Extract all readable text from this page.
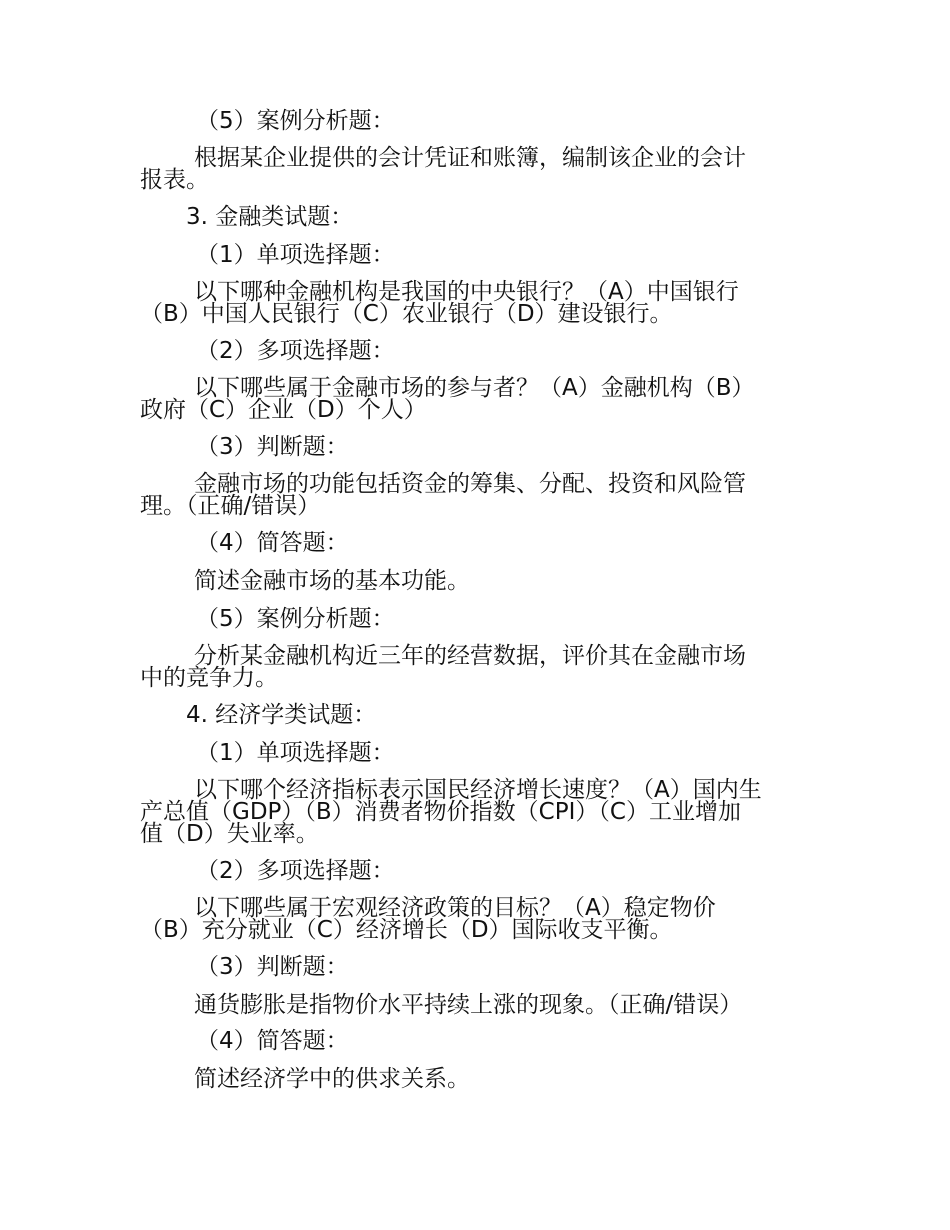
（5）案例分析题：
根据某企业提供的会计凭证和账簿，编制该企业的会计
报表。
3. 金融类试题：
（1）单项选择题：
以下哪种金融机构是我国的中央银行？（A）中国银行
（B）中国人民银行（C）农业银行（D）建设银行。
（2）多项选择题：
以下哪些属于金融市场的参与者？（A）金融机构（B）
政府（C）企业（D）个人）
（3）判断题：
金融市场的功能包括资金的筹集、分配、投资和风险管
理。（正确/错误）
（4）简答题：
简述金融市场的基本功能。
（5）案例分析题：
分析某金融机构近三年的经营数据，评价其在金融市场
中的竞争力。
4. 经济学类试题：
（1）单项选择题：
以下哪个经济指标表示国民经济增长速度？（A）国内生
产总值（GDP）（B）消费者物价指数（CPI）（C）工业增加
值（D）失业率。
（2）多项选择题：
以下哪些属于宏观经济政策的目标？（A）稳定物价
（B）充分就业（C）经济增长（D）国际收支平衡。
（3）判断题：
通货膨胀是指物价水平持续上涨的现象。（正确/错误）
（4）简答题：
简述经济学中的供求关系。
